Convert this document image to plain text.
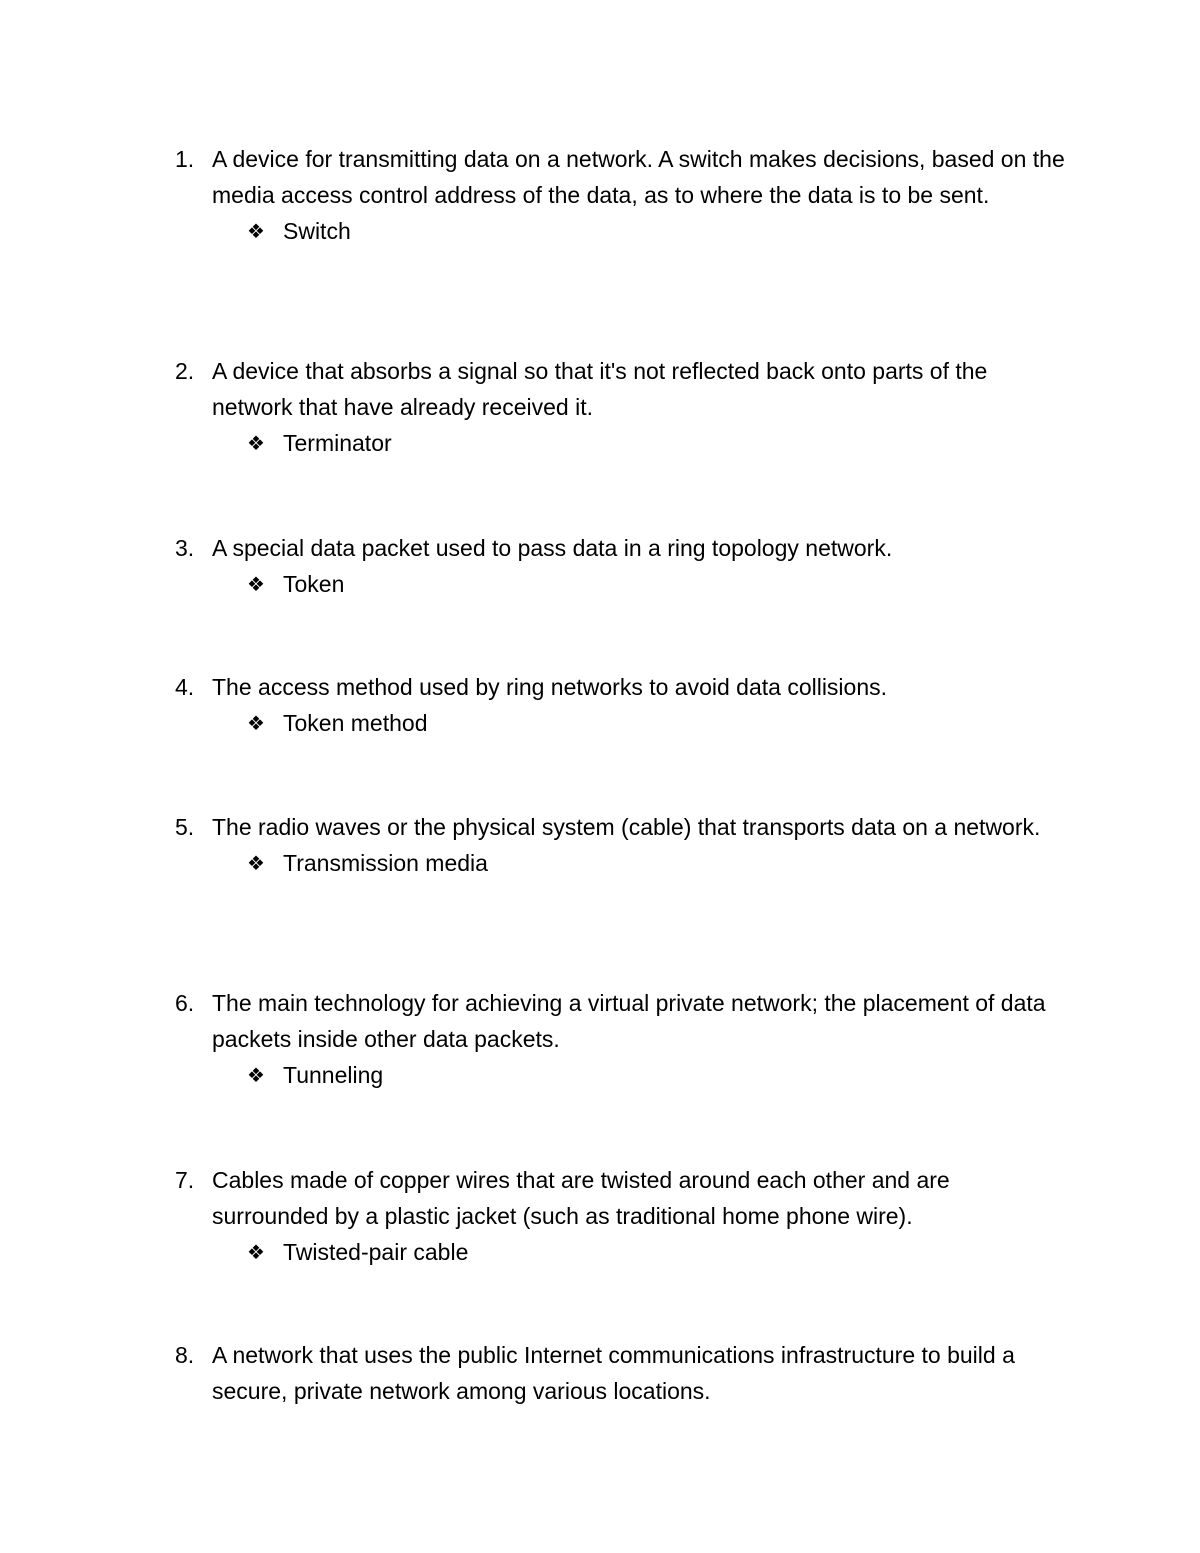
1. A device for transmitting data on a network. A switch makes decisions, based on the media access control address of the data, as to where the data is to be sent.
❖ Switch
2. A device that absorbs a signal so that it's not reflected back onto parts of the network that have already received it.
❖ Terminator
3. A special data packet used to pass data in a ring topology network.
❖ Token
4. The access method used by ring networks to avoid data collisions.
❖ Token method
5. The radio waves or the physical system (cable) that transports data on a network.
❖ Transmission media
6. The main technology for achieving a virtual private network; the placement of data packets inside other data packets.
❖ Tunneling
7. Cables made of copper wires that are twisted around each other and are surrounded by a plastic jacket (such as traditional home phone wire).
❖ Twisted-pair cable
8. A network that uses the public Internet communications infrastructure to build a secure, private network among various locations.
